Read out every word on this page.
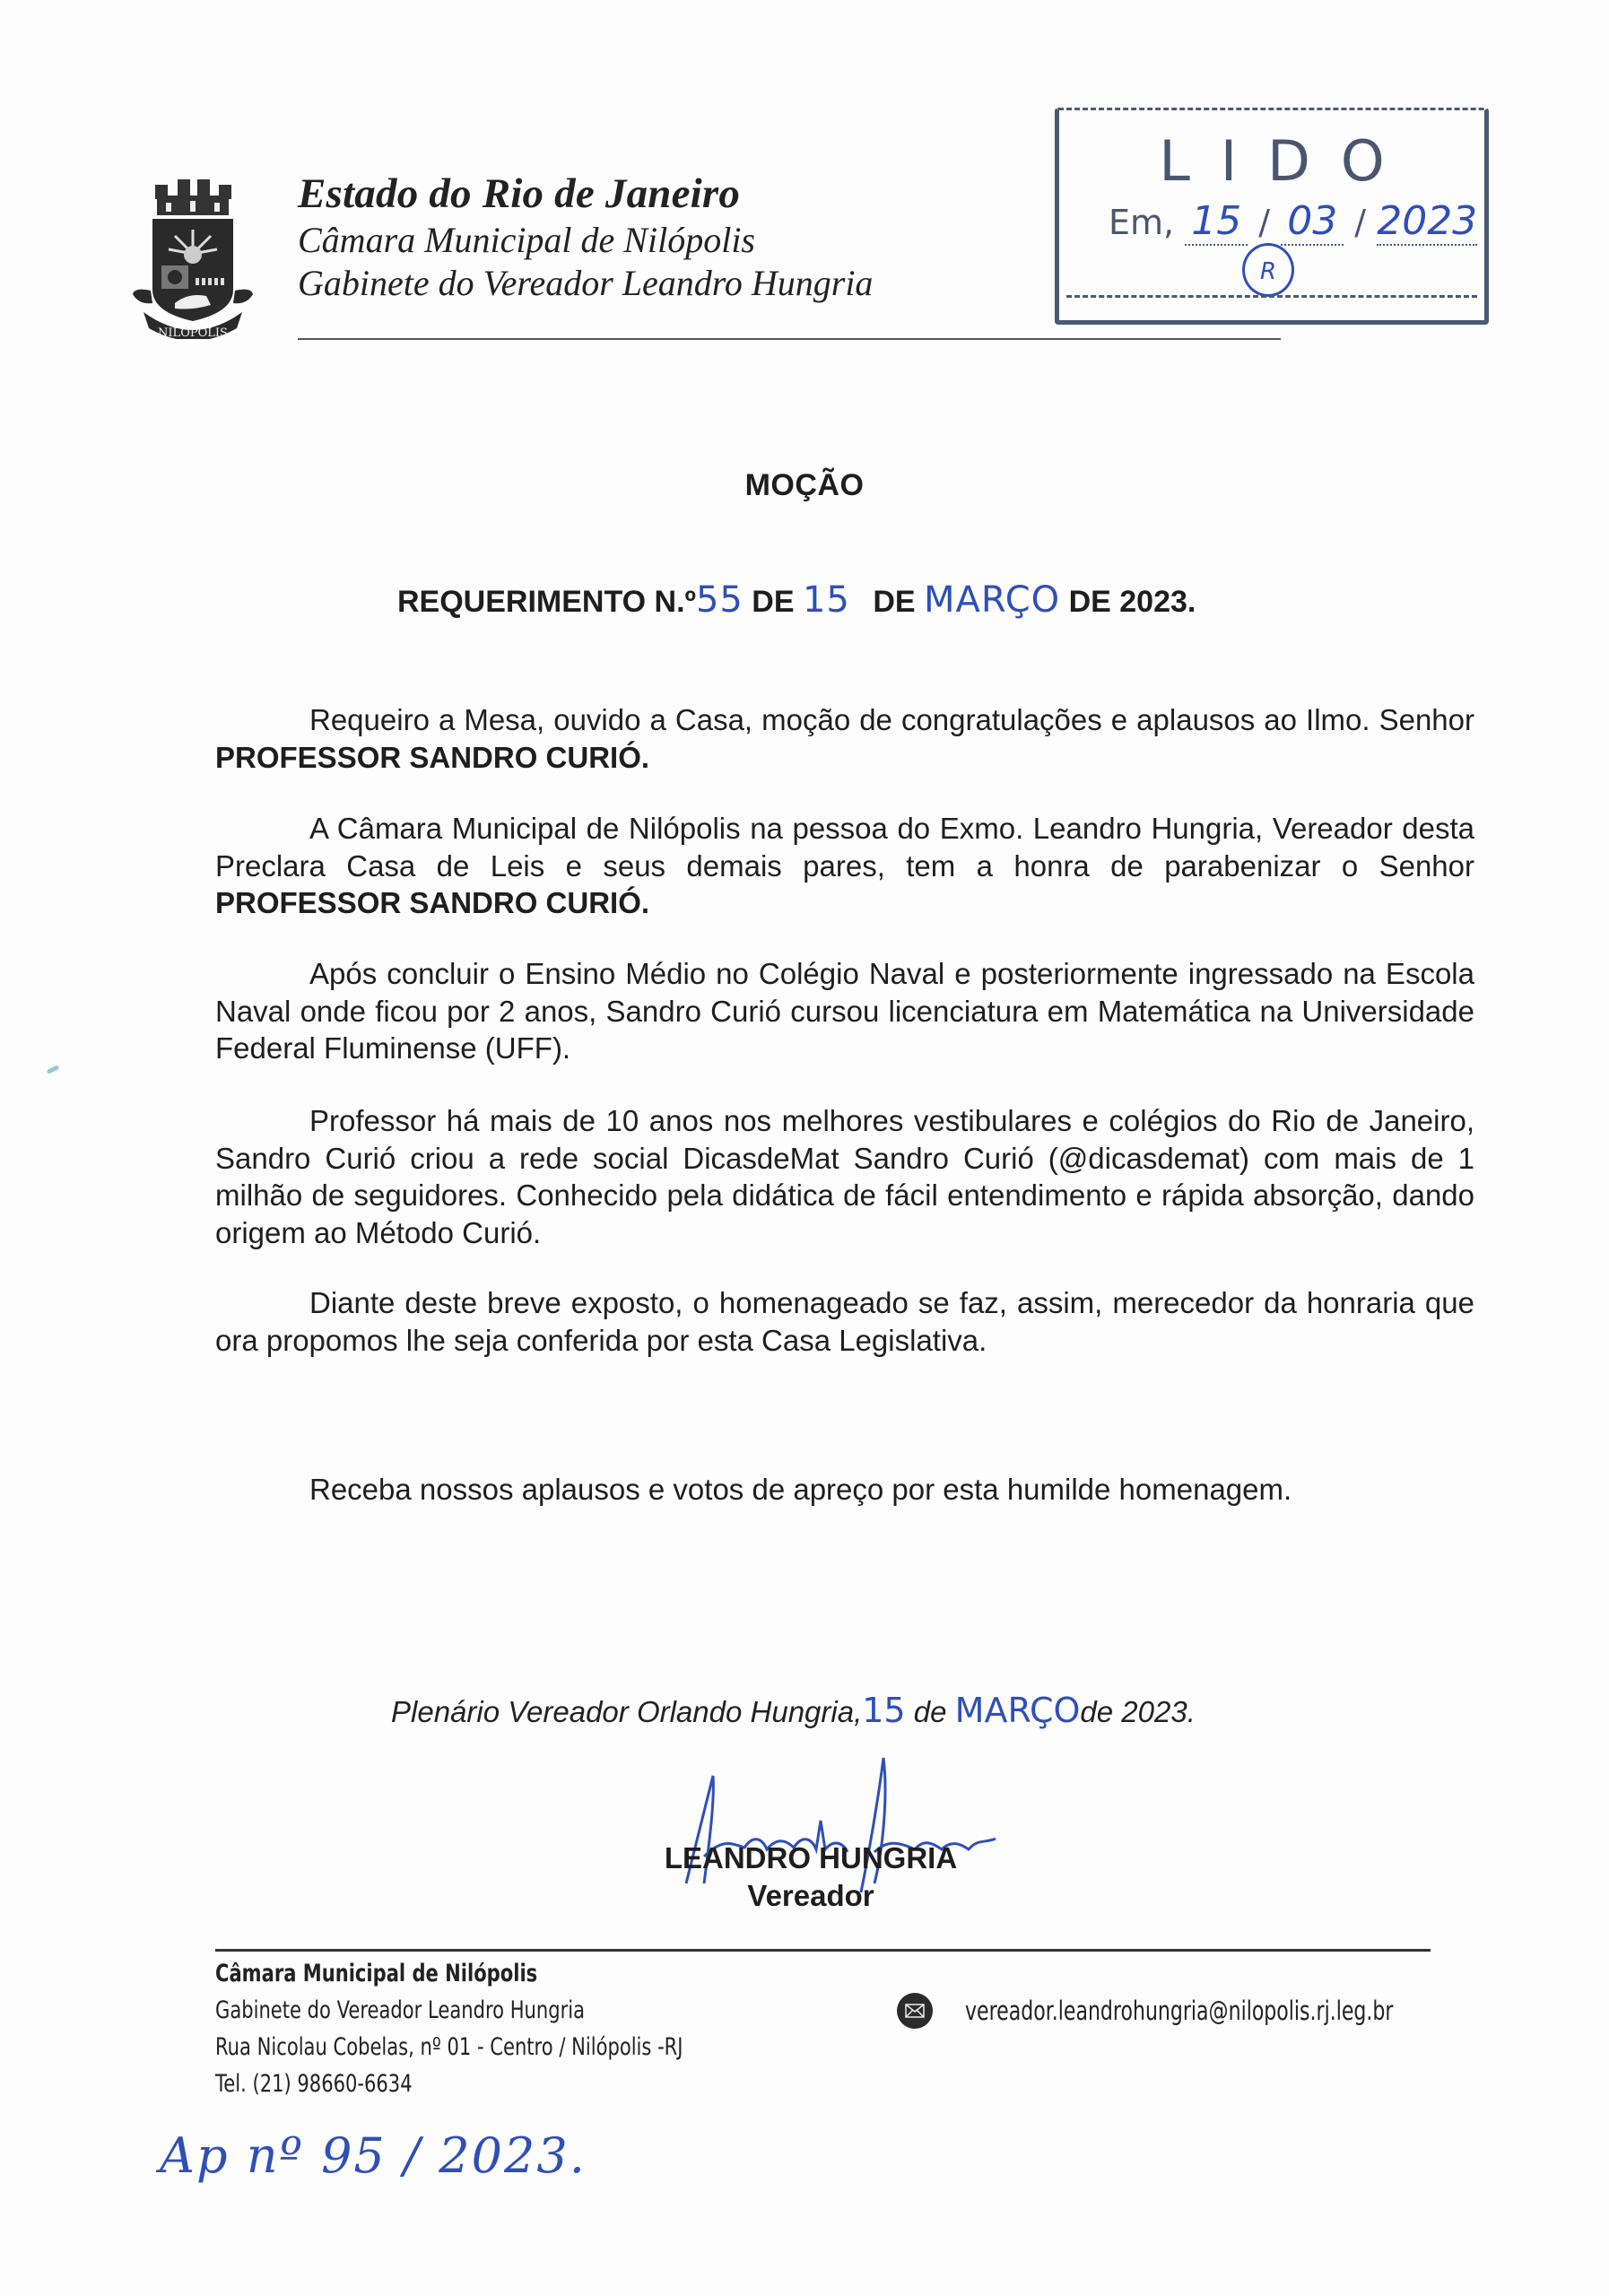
NILOPOLIS
Estado do Rio de Janeiro
Câmara Municipal de Nilópolis
Gabinete do Vereador Leandro Hungria
LIDO
Em, 15 / 03 / 2023
R
MOÇÃO
REQUERIMENTO N.º55 DE 15 DE MARÇO DE 2023.

Requeiro a Mesa, ouvido a Casa, moção de congratulações e aplausos ao Ilmo. Senhor PROFESSOR SANDRO CURIÓ.

A Câmara Municipal de Nilópolis na pessoa do Exmo. Leandro Hungria, Vereador desta Preclara Casa de Leis e seus demais pares, tem a honra de parabenizar o Senhor PROFESSOR SANDRO CURIÓ.

Após concluir o Ensino Médio no Colégio Naval e posteriormente ingressado na Escola Naval onde ficou por 2 anos, Sandro Curió cursou licenciatura em Matemática na Universidade Federal Fluminense (UFF).

Professor há mais de 10 anos nos melhores vestibulares e colégios do Rio de Janeiro, Sandro Curió criou a rede social DicasdeMat Sandro Curió (@dicasdemat) com mais de 1 milhão de seguidores. Conhecido pela didática de fácil entendimento e rápida absorção, dando origem ao Método Curió.

Diante deste breve exposto, o homenageado se faz, assim, merecedor da honraria que ora propomos lhe seja conferida por esta Casa Legislativa.

Receba nossos aplausos e votos de apreço por esta humilde homenagem.

Plenário Vereador Orlando Hungria,15 de MARÇOde 2023.
LEANDRO HUNGRIA
Vereador
Câmara Municipal de Nilópolis
Gabinete do Vereador Leandro Hungria
Rua Nicolau Cobelas, nº 01 - Centro / Nilópolis -RJ
Tel. (21) 98660-6634
vereador.leandrohungria@nilopolis.rj.leg.br
Ap nº 95 / 2023.
